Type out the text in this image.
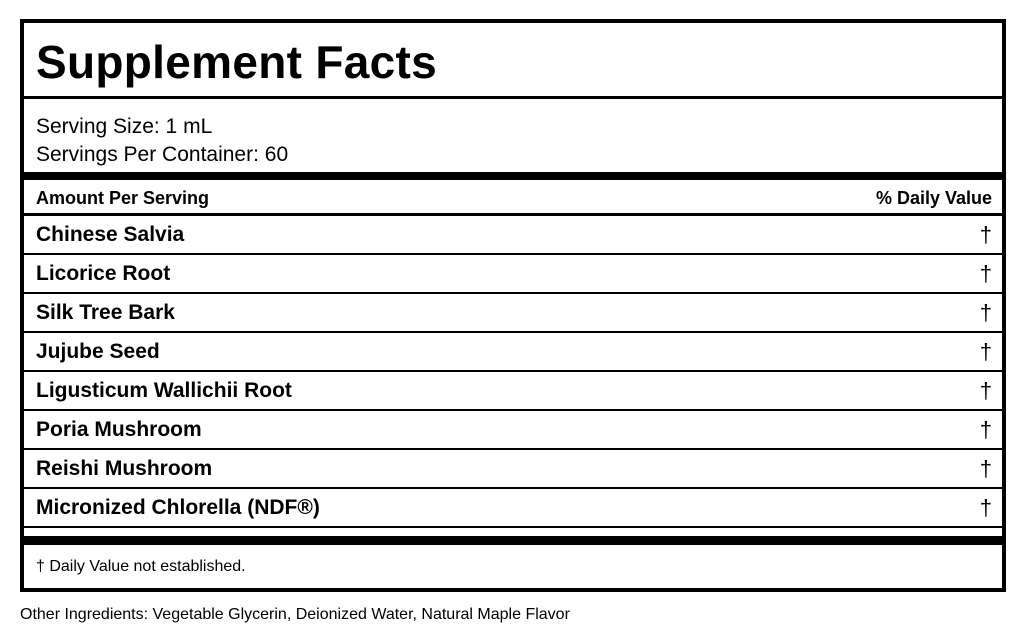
Supplement Facts
Serving Size: 1 mL
Servings Per Container: 60
Amount Per Serving	% Daily Value
Chinese Salvia	†
Licorice Root	†
Silk Tree Bark	†
Jujube Seed	†
Ligusticum Wallichii Root	†
Poria Mushroom	†
Reishi Mushroom	†
Micronized Chlorella (NDF®)	†
† Daily Value not established.
Other Ingredients: Vegetable Glycerin, Deionized Water, Natural Maple Flavor
